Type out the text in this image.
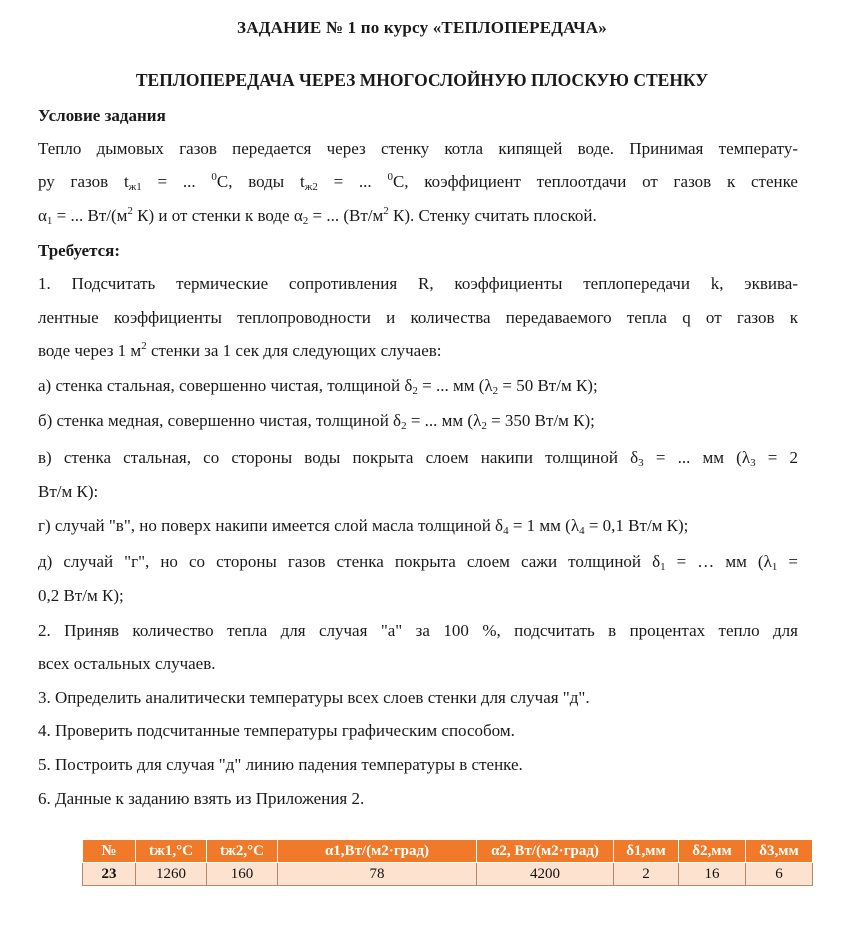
ЗАДАНИЕ № 1 по курсу «ТЕПЛОПЕРЕДАЧА»
ТЕПЛОПЕРЕДАЧА ЧЕРЕЗ МНОГОСЛОЙНУЮ ПЛОСКУЮ СТЕНКУ
Условие задания
Тепло дымовых газов передается через стенку котла кипящей воде. Принимая температу-
ру газов $t_{ж1}$ = ... $^0$С, воды $t_{ж2}$ = ... $^0$С, коэффициент теплоотдачи от газов к стенке
$\alpha_1$ = ... $Вт/(м^2$ К) и от стенки к воде $\alpha_2$ = ... ($Вт/м^2$ К). Стенку считать плоской.
Требуется:
1. Подсчитать термические сопротивления R, коэффициенты теплопередачи k, эквива-
лентные коэффициенты теплопроводности и количества передаваемого тепла q от газов к
воде через 1 $м^2$ стенки за 1 сек для следующих случаев:
а) стенка стальная, совершенно чистая, толщиной $\delta_2$ = ... мм ($\lambda_2 = 50$ Вт/м К);
б) стенка медная, совершенно чистая, толщиной $\delta_2$ = ... мм ($\lambda_2 = 350$ Вт/м К);
в) стенка стальная, со стороны воды покрыта слоем накипи толщиной $\delta_3$ = ... мм ($\lambda_3 = 2$
Вт/м К):
г) случай "в", но поверх накипи имеется слой масла толщиной $\delta_4 = 1$ мм ($\lambda_4 = 0,1$ Вт/м К);
д) случай "г", но со стороны газов стенка покрыта слоем сажи толщиной $\delta_1$ = … мм ($\lambda_1$ =
0,2 Вт/м К);
2. Приняв количество тепла для случая "а" за 100 %, подсчитать в процентах тепло для
всех остальных случаев.
3. Определить аналитически температуры всех слоев стенки для случая "д".
4. Проверить подсчитанные температуры графическим способом.
5. Построить для случая "д" линию падения температуры в стенке.
6. Данные к заданию взять из Приложения 2.
№	tж1,°C	tж2,°C	α1,Вт/(м2·град)	α2, Вт/(м2·град)	δ1,мм	δ2,мм	δ3,мм
23	1260	160	78	4200	2	16	6
